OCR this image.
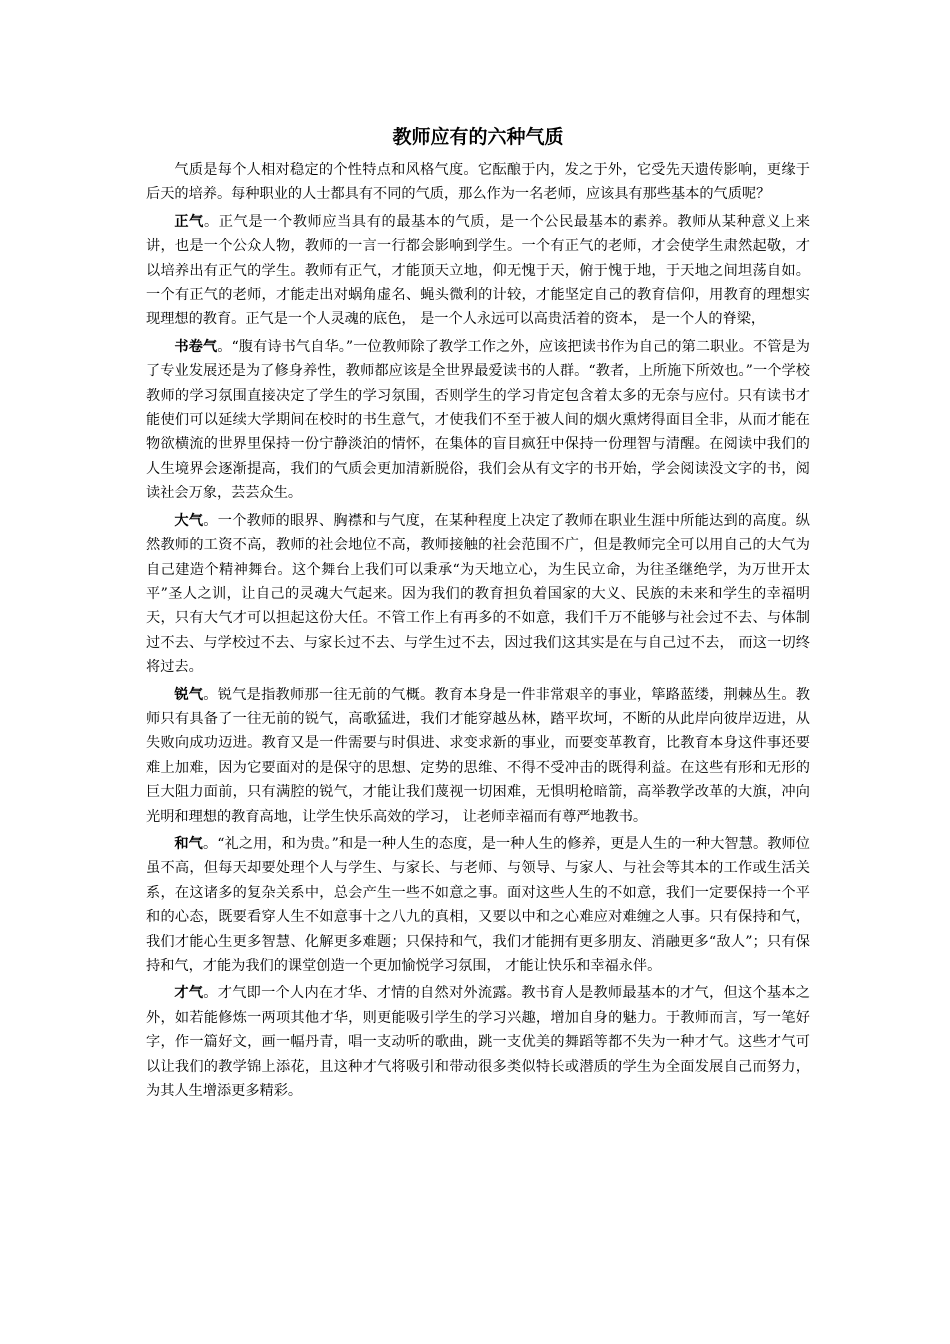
教师应有的六种气质

气质是每个人相对稳定的个性特点和风格气度。它酝酿于内，发之于外，它受先天遗传影响，更缘于后天的培养。每种职业的人士都具有不同的气质，那么作为一名老师，应该具有那些基本的气质呢？

正气。正气是一个教师应当具有的最基本的气质，是一个公民最基本的素养。教师从某种意义上来讲，也是一个公众人物，教师的一言一行都会影响到学生。一个有正气的老师，才会使学生肃然起敬，才以培养出有正气的学生。教师有正气，才能顶天立地，仰无愧于天，俯于愧于地，于天地之间坦荡自如。一个有正气的老师，才能走出对蜗角虚名、蝇头微利的计较，才能坚定自己的教育信仰，用教育的理想实现理想的教育。正气是一个人灵魂的底色， 是一个人永远可以高贵活着的资本， 是一个人的脊梁，

书卷气。“腹有诗书气自华。”一位教师除了教学工作之外，应该把读书作为自己的第二职业。不管是为了专业发展还是为了修身养性，教师都应该是全世界最爱读书的人群。“教者，上所施下所效也。”一个学校教师的学习氛围直接决定了学生的学习氛围，否则学生的学习肯定包含着太多的无奈与应付。只有读书才能使们可以延续大学期间在校时的书生意气，才使我们不至于被人间的烟火熏烤得面目全非，从而才能在物欲横流的世界里保持一份宁静淡泊的情怀，在集体的盲目疯狂中保持一份理智与清醒。在阅读中我们的人生境界会逐渐提高，我们的气质会更加清新脱俗，我们会从有文字的书开始，学会阅读没文字的书，阅读社会万象，芸芸众生。

大气。一个教师的眼界、胸襟和与气度，在某种程度上决定了教师在职业生涯中所能达到的高度。纵然教师的工资不高，教师的社会地位不高，教师接触的社会范围不广，但是教师完全可以用自己的大气为自己建造个精神舞台。这个舞台上我们可以秉承“为天地立心，为生民立命，为往圣继绝学，为万世开太平”圣人之训，让自己的灵魂大气起来。因为我们的教育担负着国家的大义、民族的未来和学生的幸福明天，只有大气才可以担起这份大任。不管工作上有再多的不如意，我们千万不能够与社会过不去、与体制过不去、与学校过不去、与家长过不去、与学生过不去，因过我们这其实是在与自己过不去， 而这一切终将过去。

锐气。锐气是指教师那一往无前的气概。教育本身是一件非常艰辛的事业，筚路蓝缕，荆棘丛生。教师只有具备了一往无前的锐气，高歌猛进，我们才能穿越丛林，踏平坎坷，不断的从此岸向彼岸迈进，从失败向成功迈进。教育又是一件需要与时俱进、求变求新的事业，而要变革教育，比教育本身这件事还要难上加难，因为它要面对的是保守的思想、定势的思维、不得不受冲击的既得利益。在这些有形和无形的巨大阻力面前，只有满腔的锐气，才能让我们蔑视一切困难，无惧明枪暗箭，高举教学改革的大旗，冲向光明和理想的教育高地，让学生快乐高效的学习， 让老师幸福而有尊严地教书。

和气。“礼之用，和为贵。”和是一种人生的态度，是一种人生的修养，更是人生的一种大智慧。教师位虽不高，但每天却要处理个人与学生、与家长、与老师、与领导、与家人、与社会等其本的工作或生活关系，在这诸多的复杂关系中，总会产生一些不如意之事。面对这些人生的不如意，我们一定要保持一个平和的心态，既要看穿人生不如意事十之八九的真相，又要以中和之心难应对难缠之人事。只有保持和气，我们才能心生更多智慧、化解更多难题；只保持和气，我们才能拥有更多朋友、消融更多“敌人”；只有保持和气，才能为我们的课堂创造一个更加愉悦学习氛围， 才能让快乐和幸福永伴。

才气。才气即一个人内在才华、才情的自然对外流露。教书育人是教师最基本的才气，但这个基本之外，如若能修炼一两项其他才华，则更能吸引学生的学习兴趣，增加自身的魅力。于教师而言，写一笔好字，作一篇好文，画一幅丹青，唱一支动听的歌曲，跳一支优美的舞蹈等都不失为一种才气。这些才气可以让我们的教学锦上添花，且这种才气将吸引和带动很多类似特长或潜质的学生为全面发展自己而努力， 为其人生增添更多精彩。
